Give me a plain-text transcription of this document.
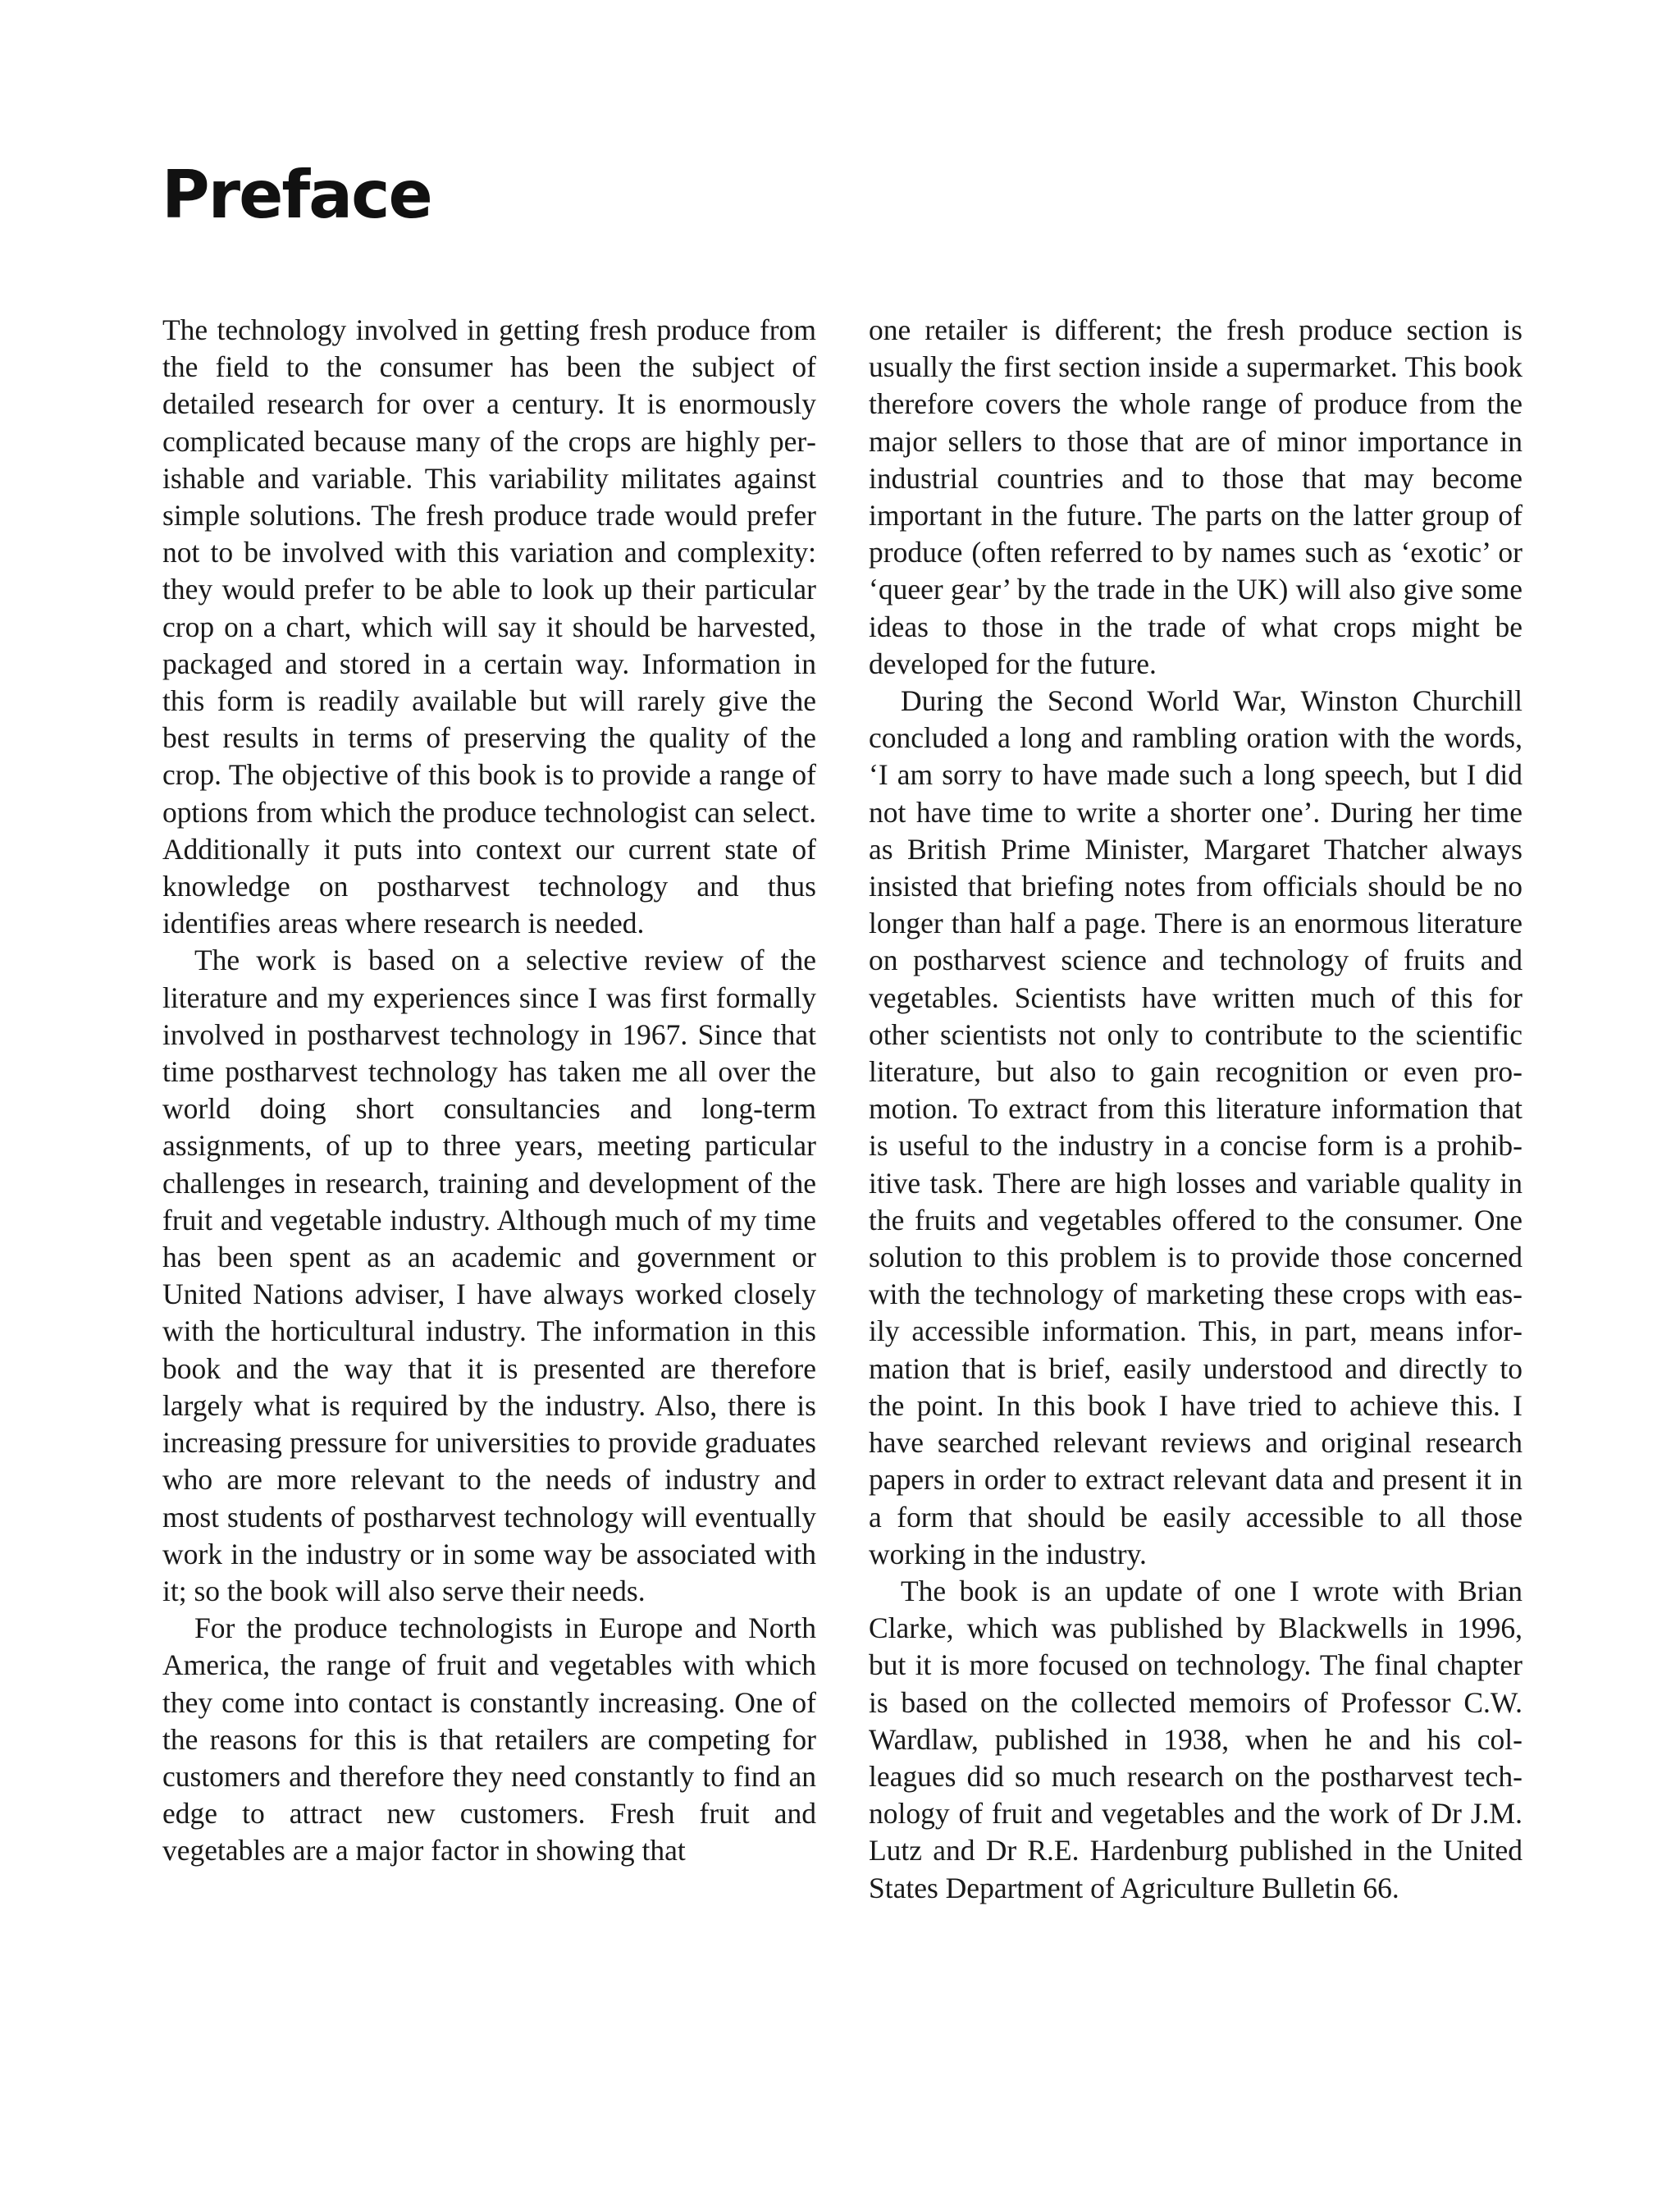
Preface

The technology involved in getting fresh produce from the field to the consumer has been the subject of detailed research for over a century. It is enormously complicated because many of the crops are highly perishable and variable. This variability militates against simple solutions. The fresh produce trade would prefer not to be involved with this variation and complexity: they would prefer to be able to look up their particular crop on a chart, which will say it should be harvested, packaged and stored in a certain way. Information in this form is readily available but will rarely give the best results in terms of preserving the quality of the crop. The objective of this book is to provide a range of options from which the produce technologist can select. Additionally it puts into context our current state of knowledge on postharvest technology and thus identifies areas where research is needed.

The work is based on a selective review of the literature and my experiences since I was first formally involved in postharvest technology in 1967. Since that time postharvest technology has taken me all over the world doing short consultancies and long-term assignments, of up to three years, meeting particular challenges in research, training and development of the fruit and vegetable industry. Although much of my time has been spent as an academic and government or United Nations adviser, I have always worked closely with the horticultural industry. The information in this book and the way that it is presented are therefore largely what is required by the industry. Also, there is increasing pressure for universities to provide graduates who are more relevant to the needs of industry and most students of postharvest technology will eventually work in the industry or in some way be associated with it; so the book will also serve their needs.

For the produce technologists in Europe and North America, the range of fruit and vegetables with which they come into contact is constantly increasing. One of the reasons for this is that retailers are competing for customers and therefore they need constantly to find an edge to attract new customers. Fresh fruit and vegetables are a major factor in showing that

one retailer is different; the fresh produce section is usually the first section inside a supermarket. This book therefore covers the whole range of produce from the major sellers to those that are of minor importance in industrial countries and to those that may become important in the future. The parts on the latter group of produce (often referred to by names such as ‘exotic’ or ‘queer gear’ by the trade in the UK) will also give some ideas to those in the trade of what crops might be developed for the future.

During the Second World War, Winston Churchill concluded a long and rambling oration with the words, ‘I am sorry to have made such a long speech, but I did not have time to write a shorter one’. During her time as British Prime Minister, Margaret Thatcher always insisted that briefing notes from officials should be no longer than half a page. There is an enormous literature on postharvest science and technology of fruits and vegetables. Scientists have written much of this for other scientists not only to contribute to the scientific literature, but also to gain recognition or even promotion. To extract from this literature information that is useful to the industry in a concise form is a prohibitive task. There are high losses and variable quality in the fruits and vegetables offered to the consumer. One solution to this problem is to provide those concerned with the technology of marketing these crops with easily accessible information. This, in part, means information that is brief, easily understood and directly to the point. In this book I have tried to achieve this. I have searched relevant reviews and original research papers in order to extract relevant data and present it in a form that should be easily accessible to all those working in the industry.

The book is an update of one I wrote with Brian Clarke, which was published by Blackwells in 1996, but it is more focused on technology. The final chapter is based on the collected memoirs of Professor C.W. Wardlaw, published in 1938, when he and his colleagues did so much research on the postharvest technology of fruit and vegetables and the work of Dr J.M. Lutz and Dr R.E. Hardenburg published in the United States Department of Agriculture Bulletin 66.
